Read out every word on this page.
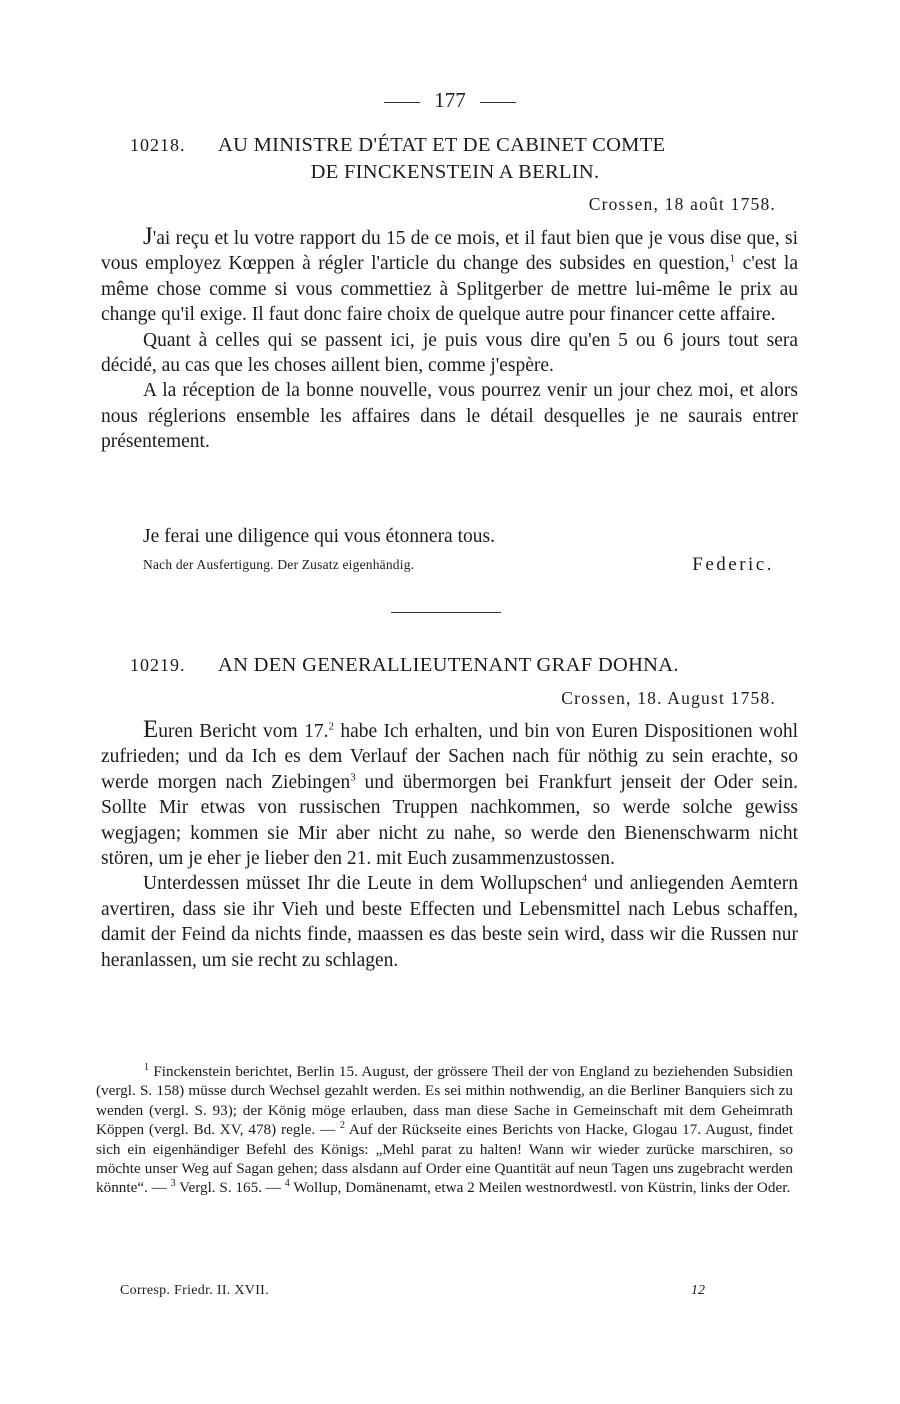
177
10218. AU MINISTRE D'ÉTAT ET DE CABINET COMTE
DE FINCKENSTEIN A BERLIN.
Crossen, 18 août 1758.

J'ai reçu et lu votre rapport du 15 de ce mois, et il faut bien que je vous dise que, si vous employez Kœppen à régler l'article du change des subsides en question,$^1$ c'est la même chose comme si vous commettiez à Splitgerber de mettre lui-même le prix au change qu'il exige. Il faut donc faire choix de quelque autre pour financer cette affaire.

Quant à celles qui se passent ici, je puis vous dire qu'en 5 ou 6 jours tout sera décidé, au cas que les choses aillent bien, comme j'espère.

A la réception de la bonne nouvelle, vous pourrez venir un jour chez moi, et alors nous réglerions ensemble les affaires dans le détail desquelles je ne saurais entrer présentement.

Je ferai une diligence qui vous étonnera tous.
Nach der Ausfertigung. Der Zusatz eigenhändig.	Federic.
10219. AN DEN GENERALLIEUTENANT GRAF DOHNA.
Crossen, 18. August 1758.

Euren Bericht vom 17.$^2$ habe Ich erhalten, und bin von Euren Dispositionen wohl zufrieden; und da Ich es dem Verlauf der Sachen nach für nöthig zu sein erachte, so werde morgen nach Ziebingen$^3$ und übermorgen bei Frankfurt jenseit der Oder sein. Sollte Mir etwas von russischen Truppen nachkommen, so werde solche gewiss wegjagen; kommen sie Mir aber nicht zu nahe, so werde den Bienenschwarm nicht stören, um je eher je lieber den 21. mit Euch zusammenzustossen.

Unterdessen müsset Ihr die Leute in dem Wollupschen$^4$ und anliegenden Aemtern avertiren, dass sie ihr Vieh und beste Effecten und Lebensmittel nach Lebus schaffen, damit der Feind da nichts finde, maassen es das beste sein wird, dass wir die Russen nur heranlassen, um sie recht zu schlagen.

$^1$ Finckenstein berichtet, Berlin 15. August, der grössere Theil der von England zu beziehenden Subsidien (vergl. S. 158) müsse durch Wechsel gezahlt werden. Es sei mithin nothwendig, an die Berliner Banquiers sich zu wenden (vergl. S. 93); der König möge erlauben, dass man diese Sache in Gemeinschaft mit dem Geheimrath Köppen (vergl. Bd. XV, 478) regle. — $^2$ Auf der Rückseite eines Berichts von Hacke, Glogau 17. August, findet sich ein eigenhändiger Befehl des Königs: „Mehl parat zu halten! Wann wir wieder zurücke marschiren, so möchte unser Weg auf Sagan gehen; dass alsdann auf Order eine Quantität auf neun Tagen uns zugebracht werden könnte“. — $^3$ Vergl. S. 165. — $^4$ Wollup, Domänenamt, etwa 2 Meilen westnordwestl. von Küstrin, links der Oder.

Corresp. Friedr. II. XVII.	12
